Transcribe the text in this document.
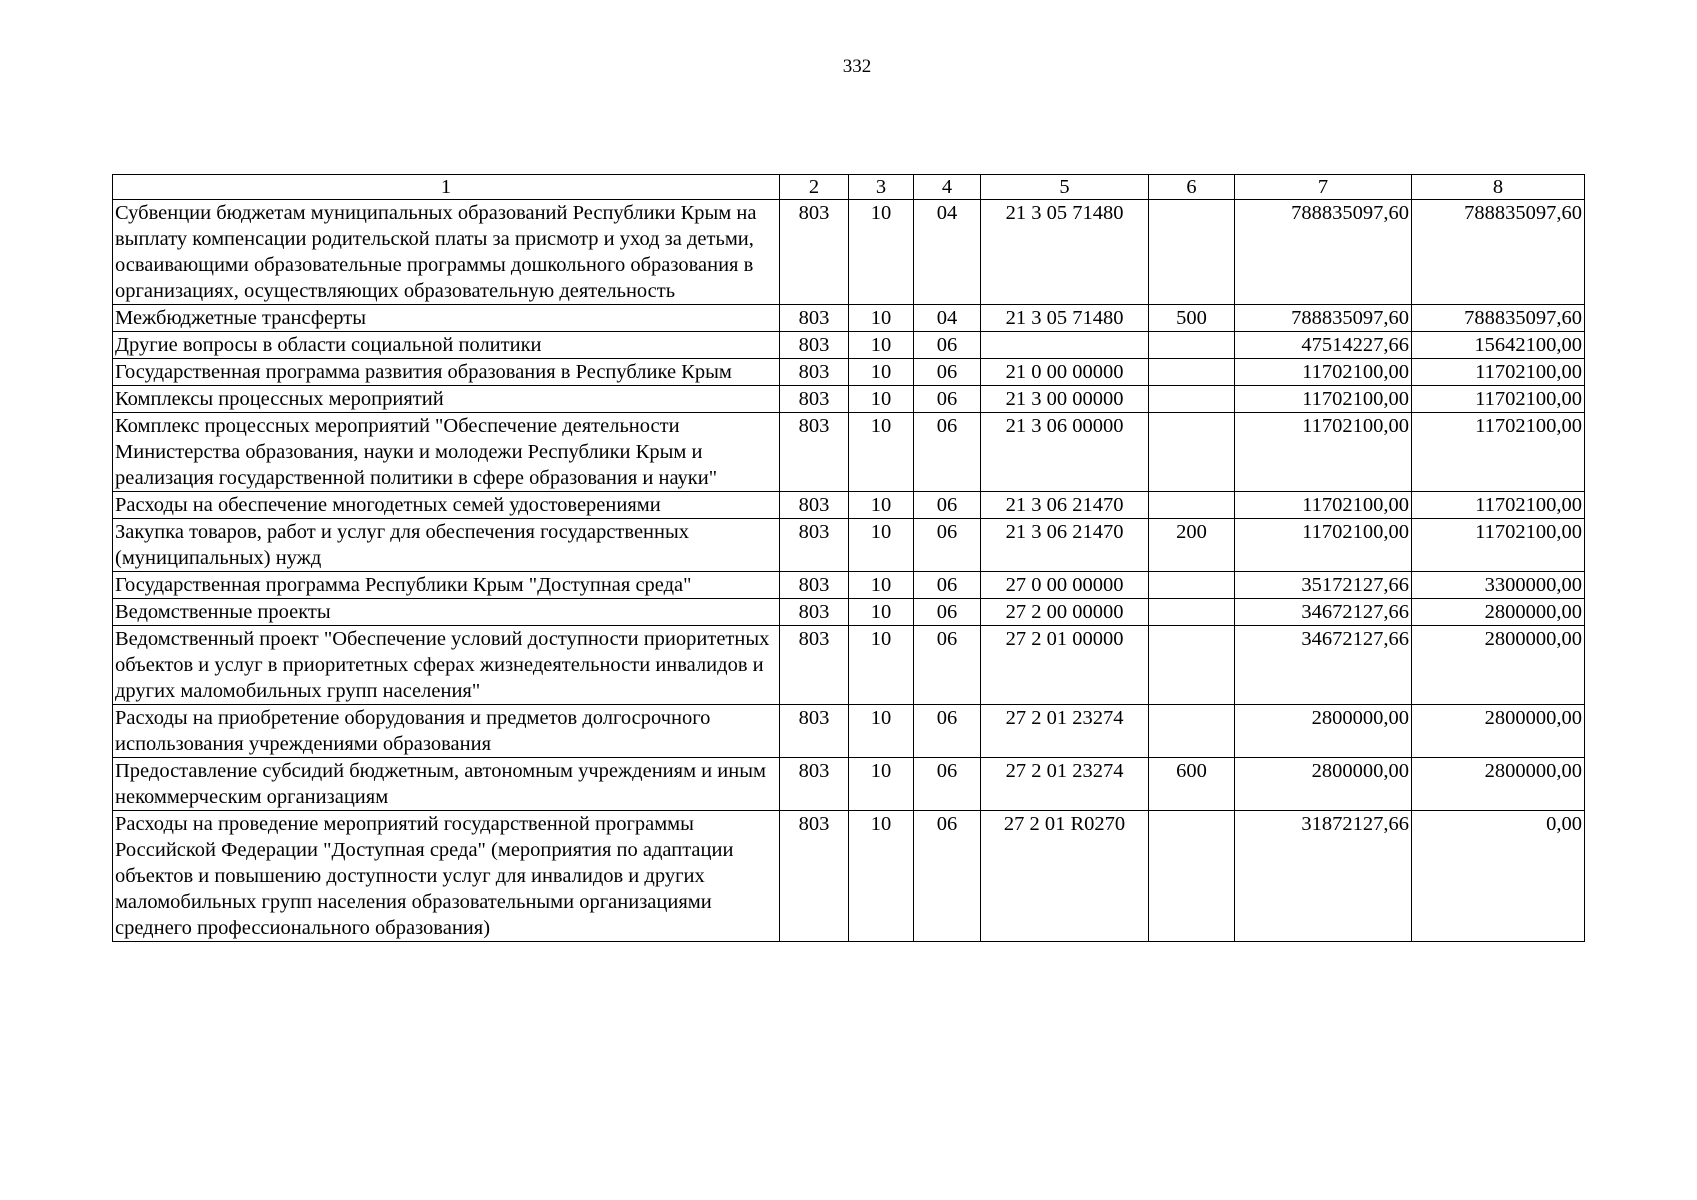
332
1	2	3	4	5	6	7	8
Субвенции бюджетам муниципальных образований Республики Крым на выплату компенсации родительской платы за присмотр и уход за детьми, осваивающими образовательные программы дошкольного образования в организациях, осуществляющих образовательную деятельность	803	10	04	21 3 05 71480		788835097,60	788835097,60
Межбюджетные трансферты	803	10	04	21 3 05 71480	500	788835097,60	788835097,60
Другие вопросы в области социальной политики	803	10	06			47514227,66	15642100,00
Государственная программа развития образования в Республике Крым	803	10	06	21 0 00 00000		11702100,00	11702100,00
Комплексы процессных мероприятий	803	10	06	21 3 00 00000		11702100,00	11702100,00
Комплекс процессных мероприятий "Обеспечение деятельности Министерства образования, науки и молодежи Республики Крым и реализация государственной политики в сфере образования и науки"	803	10	06	21 3 06 00000		11702100,00	11702100,00
Расходы на обеспечение многодетных семей удостоверениями	803	10	06	21 3 06 21470		11702100,00	11702100,00
Закупка товаров, работ и услуг для обеспечения государственных (муниципальных) нужд	803	10	06	21 3 06 21470	200	11702100,00	11702100,00
Государственная программа Республики Крым "Доступная среда"	803	10	06	27 0 00 00000		35172127,66	3300000,00
Ведомственные проекты	803	10	06	27 2 00 00000		34672127,66	2800000,00
Ведомственный проект "Обеспечение условий доступности приоритетных объектов и услуг в приоритетных сферах жизнедеятельности инвалидов и других маломобильных групп населения"	803	10	06	27 2 01 00000		34672127,66	2800000,00
Расходы на приобретение оборудования и предметов долгосрочного использования учреждениями образования	803	10	06	27 2 01 23274		2800000,00	2800000,00
Предоставление субсидий бюджетным, автономным учреждениям и иным некоммерческим организациям	803	10	06	27 2 01 23274	600	2800000,00	2800000,00
Расходы на проведение мероприятий государственной программы Российской Федерации "Доступная среда" (мероприятия по адаптации объектов и повышению доступности услуг для инвалидов и других маломобильных групп населения образовательными организациями среднего профессионального образования)	803	10	06	27 2 01 R0270		31872127,66	0,00
